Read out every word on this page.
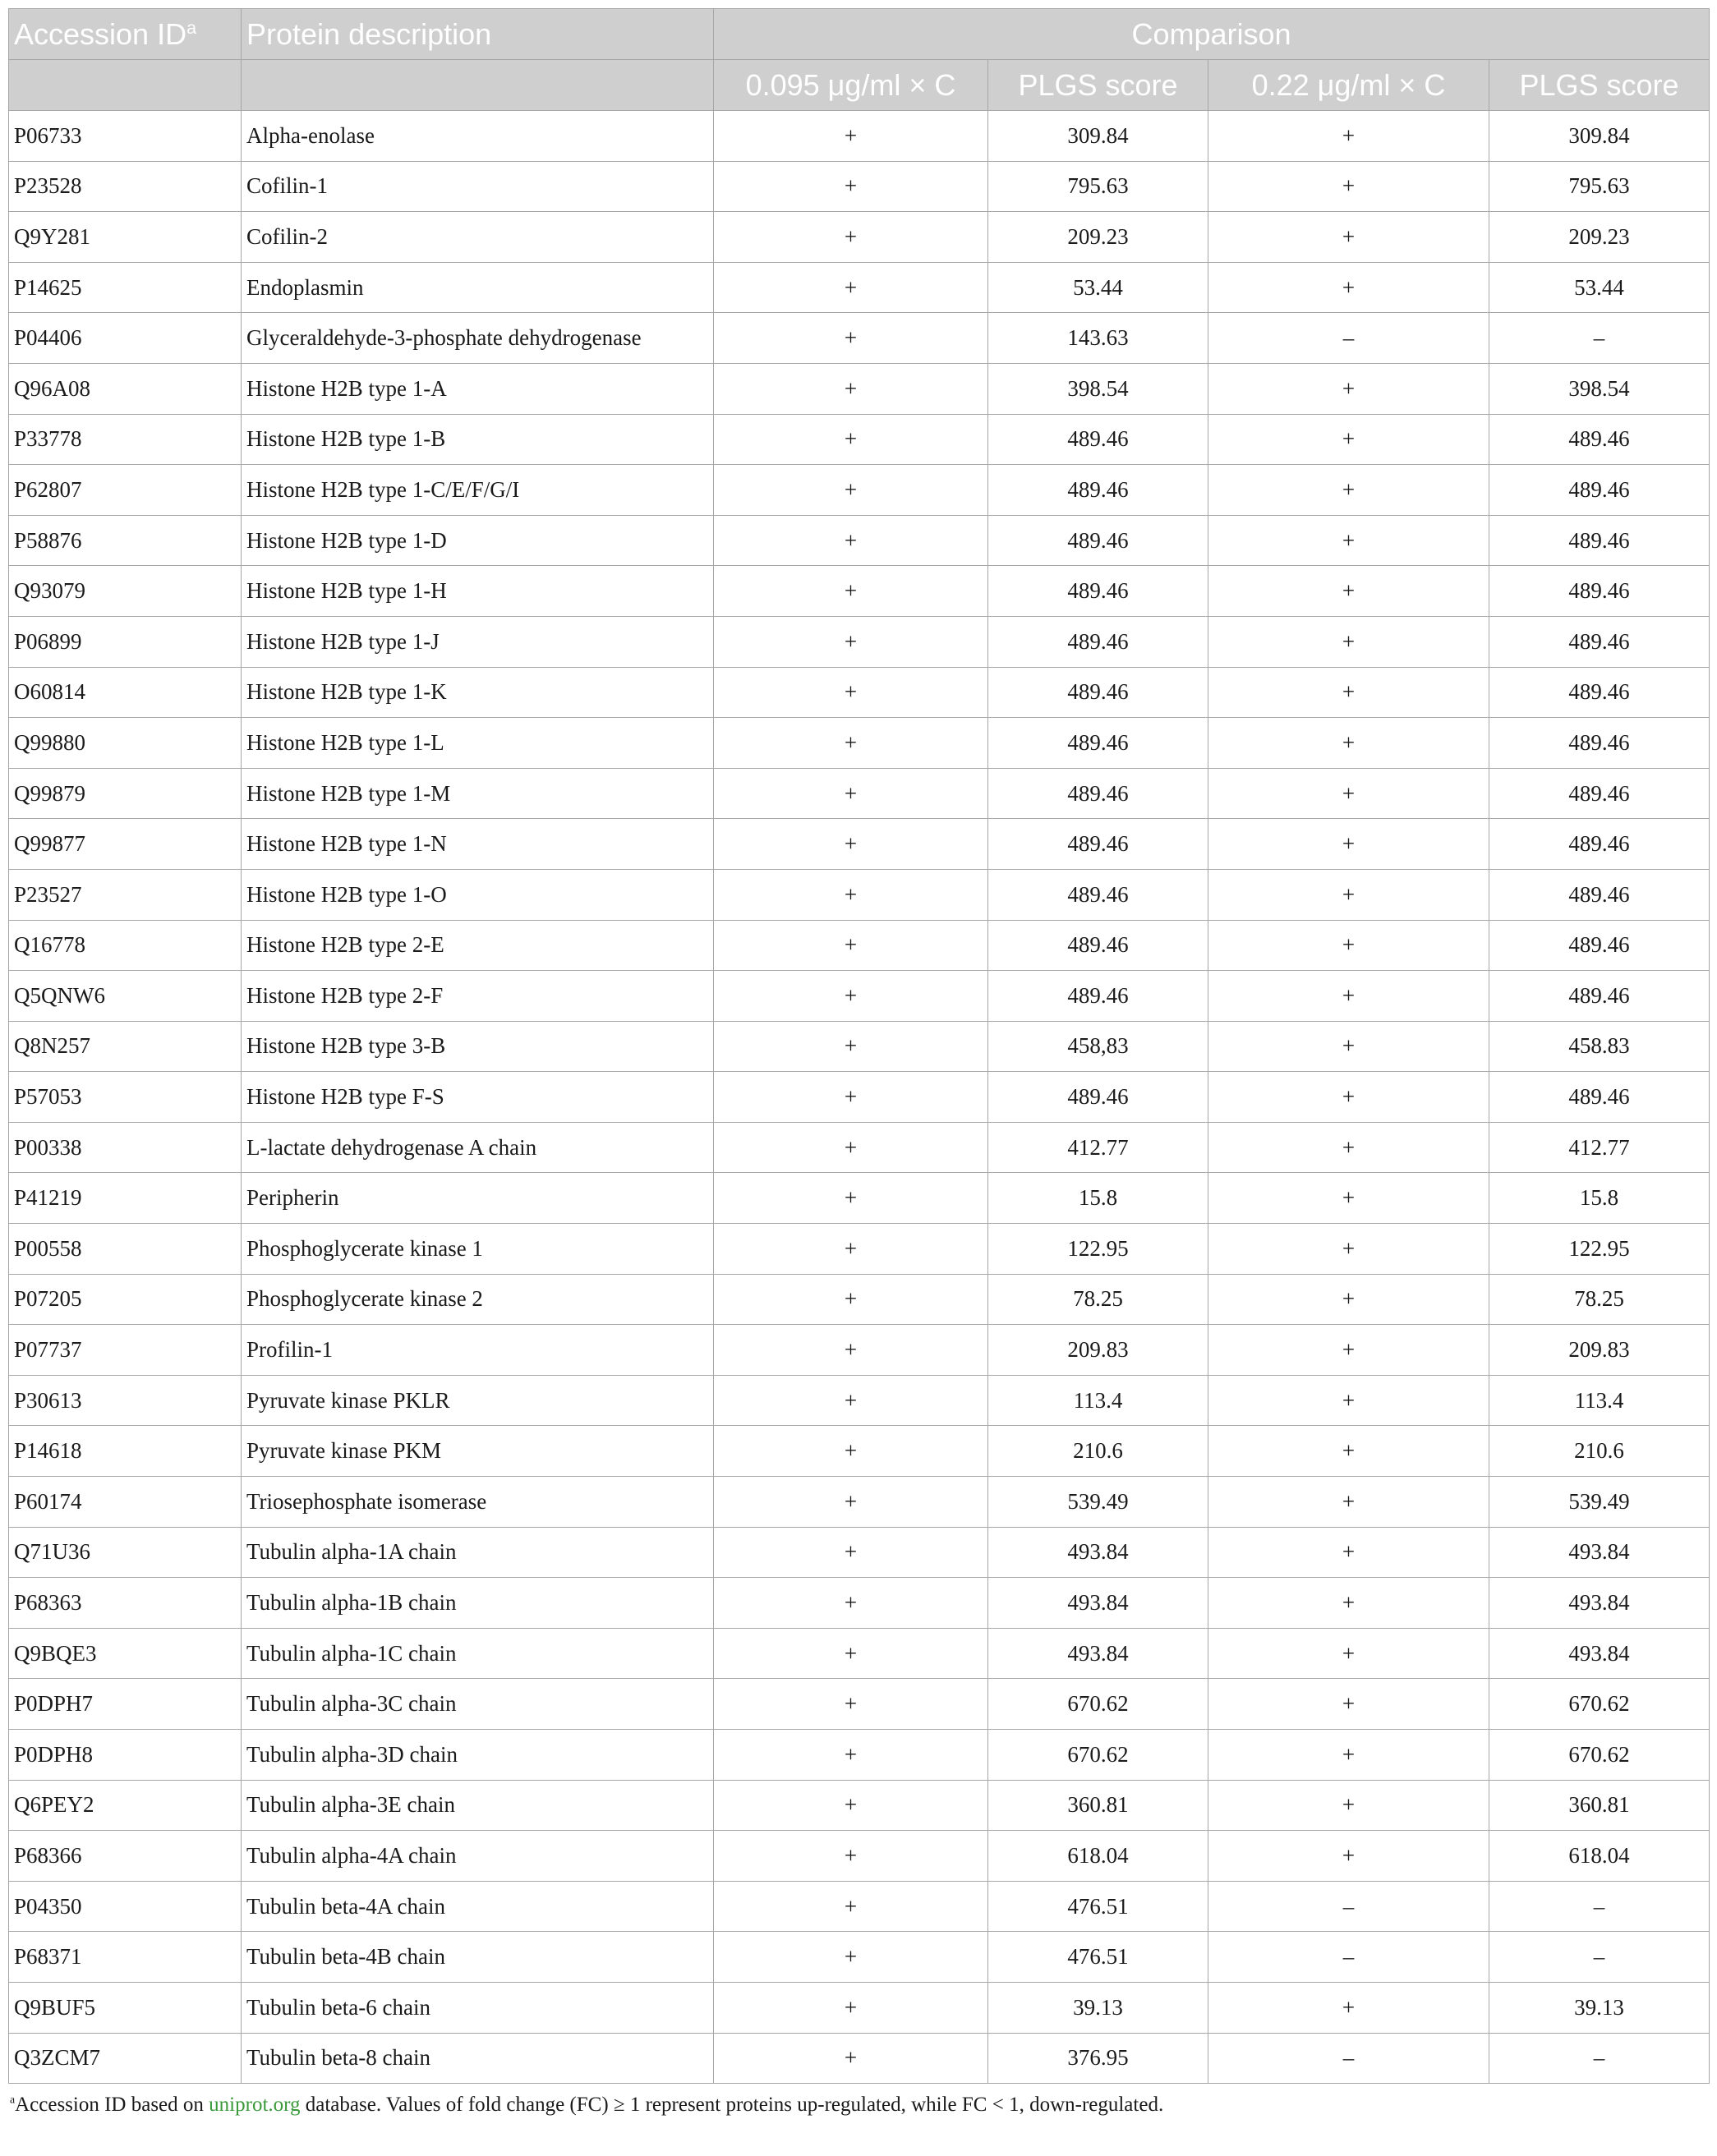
Accession $ID^a$	Protein description	Comparison			
		0.095 μg/ml × C	PLGS score	0.22 μg/ml × C	PLGS score
P06733	Alpha-enolase	+	309.84	+	309.84
P23528	Cofilin-1	+	795.63	+	795.63
Q9Y281	Cofilin-2	+	209.23	+	209.23
P14625	Endoplasmin	+	53.44	+	53.44
P04406	Glyceraldehyde-3-phosphate dehydrogenase	+	143.63	–	–
Q96A08	Histone H2B type 1-A	+	398.54	+	398.54
P33778	Histone H2B type 1-B	+	489.46	+	489.46
P62807	Histone H2B type 1-C/E/F/G/I	+	489.46	+	489.46
P58876	Histone H2B type 1-D	+	489.46	+	489.46
Q93079	Histone H2B type 1-H	+	489.46	+	489.46
P06899	Histone H2B type 1-J	+	489.46	+	489.46
O60814	Histone H2B type 1-K	+	489.46	+	489.46
Q99880	Histone H2B type 1-L	+	489.46	+	489.46
Q99879	Histone H2B type 1-M	+	489.46	+	489.46
Q99877	Histone H2B type 1-N	+	489.46	+	489.46
P23527	Histone H2B type 1-O	+	489.46	+	489.46
Q16778	Histone H2B type 2-E	+	489.46	+	489.46
Q5QNW6	Histone H2B type 2-F	+	489.46	+	489.46
Q8N257	Histone H2B type 3-B	+	458,83	+	458.83
P57053	Histone H2B type F-S	+	489.46	+	489.46
P00338	L-lactate dehydrogenase A chain	+	412.77	+	412.77
P41219	Peripherin	+	15.8	+	15.8
P00558	Phosphoglycerate kinase 1	+	122.95	+	122.95
P07205	Phosphoglycerate kinase 2	+	78.25	+	78.25
P07737	Profilin-1	+	209.83	+	209.83
P30613	Pyruvate kinase PKLR	+	113.4	+	113.4
P14618	Pyruvate kinase PKM	+	210.6	+	210.6
P60174	Triosephosphate isomerase	+	539.49	+	539.49
Q71U36	Tubulin alpha-1A chain	+	493.84	+	493.84
P68363	Tubulin alpha-1B chain	+	493.84	+	493.84
Q9BQE3	Tubulin alpha-1C chain	+	493.84	+	493.84
P0DPH7	Tubulin alpha-3C chain	+	670.62	+	670.62
P0DPH8	Tubulin alpha-3D chain	+	670.62	+	670.62
Q6PEY2	Tubulin alpha-3E chain	+	360.81	+	360.81
P68366	Tubulin alpha-4A chain	+	618.04	+	618.04
P04350	Tubulin beta-4A chain	+	476.51	–	–
P68371	Tubulin beta-4B chain	+	476.51	–	–
Q9BUF5	Tubulin beta-6 chain	+	39.13	+	39.13
Q3ZCM7	Tubulin beta-8 chain	+	376.95	–	–
$^a$Accession ID based on uniprot.org database. Values of fold change (FC) ≥ 1 represent proteins up-regulated, while FC < 1, down-regulated.
